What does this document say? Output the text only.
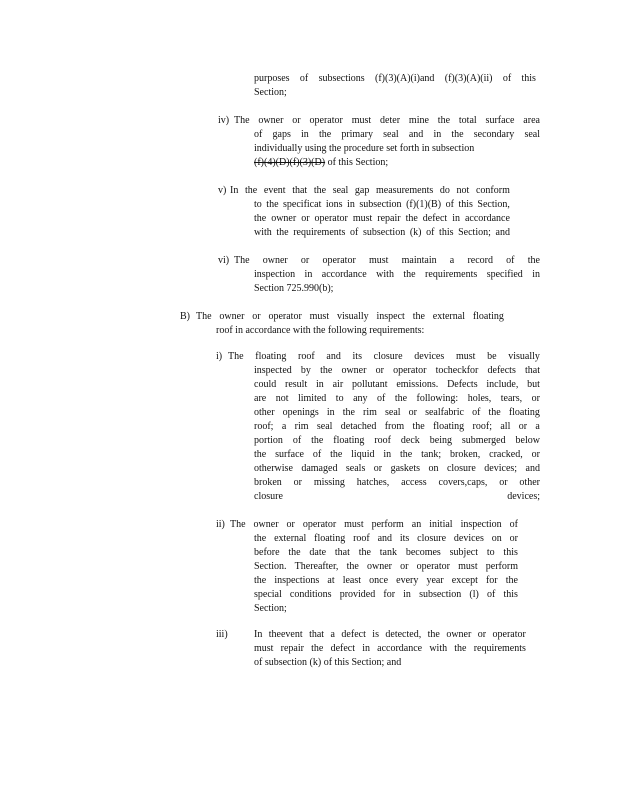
purposes of subsections (f)(3)(A)(i)and (f)(3)(A)(ii) of this
Section;
iv) The owner or operator must deter mine the total surface area
of gaps in the primary seal and in the secondary seal
individually using the procedure set forth in subsection
(f)(4)(D)(f)(3)(D) of this Section;
v) In the event that the seal gap measurements do not conform
to the specificat ions in subsection (f)(1)(B) of this Section,
the owner or operator must repair the defect in accordance
with the requirements of subsection (k) of this Section; and
vi) The owner or operator must maintain a record of the
inspection in accordance with the requirements specified in
Section 725.990(b);
B) The owner or operator must visually inspect the external floating
roof in accordance with the following requirements:
i) The floating roof and its closure devices must be visually
inspected by the owner or operator tocheckfor defects that
could result in air pollutant emissions. Defects include, but
are not limited to any of the following: holes, tears, or
other openings in the rim seal or sealfabric of the floating
roof; a rim seal detached from the floating roof; all or a
portion of the floating roof deck being submerged below
the surface of the liquid in the tank; broken, cracked, or
otherwise damaged seals or gaskets on closure devices; and
broken or missing hatches, access covers,caps, or other
closure	devices;
ii) The owner or operator must perform an initial inspection of
the external floating roof and its closure devices on or
before the date that the tank becomes subject to this
Section. Thereafter, the owner or operator must perform
the inspections at least once every year except for the
special conditions provided for in subsection (l) of this
Section;
iii)	In theevent that a defect is detected, the owner or operator
must repair the defect in accordance with the requirements
of subsection (k) of this Section; and
